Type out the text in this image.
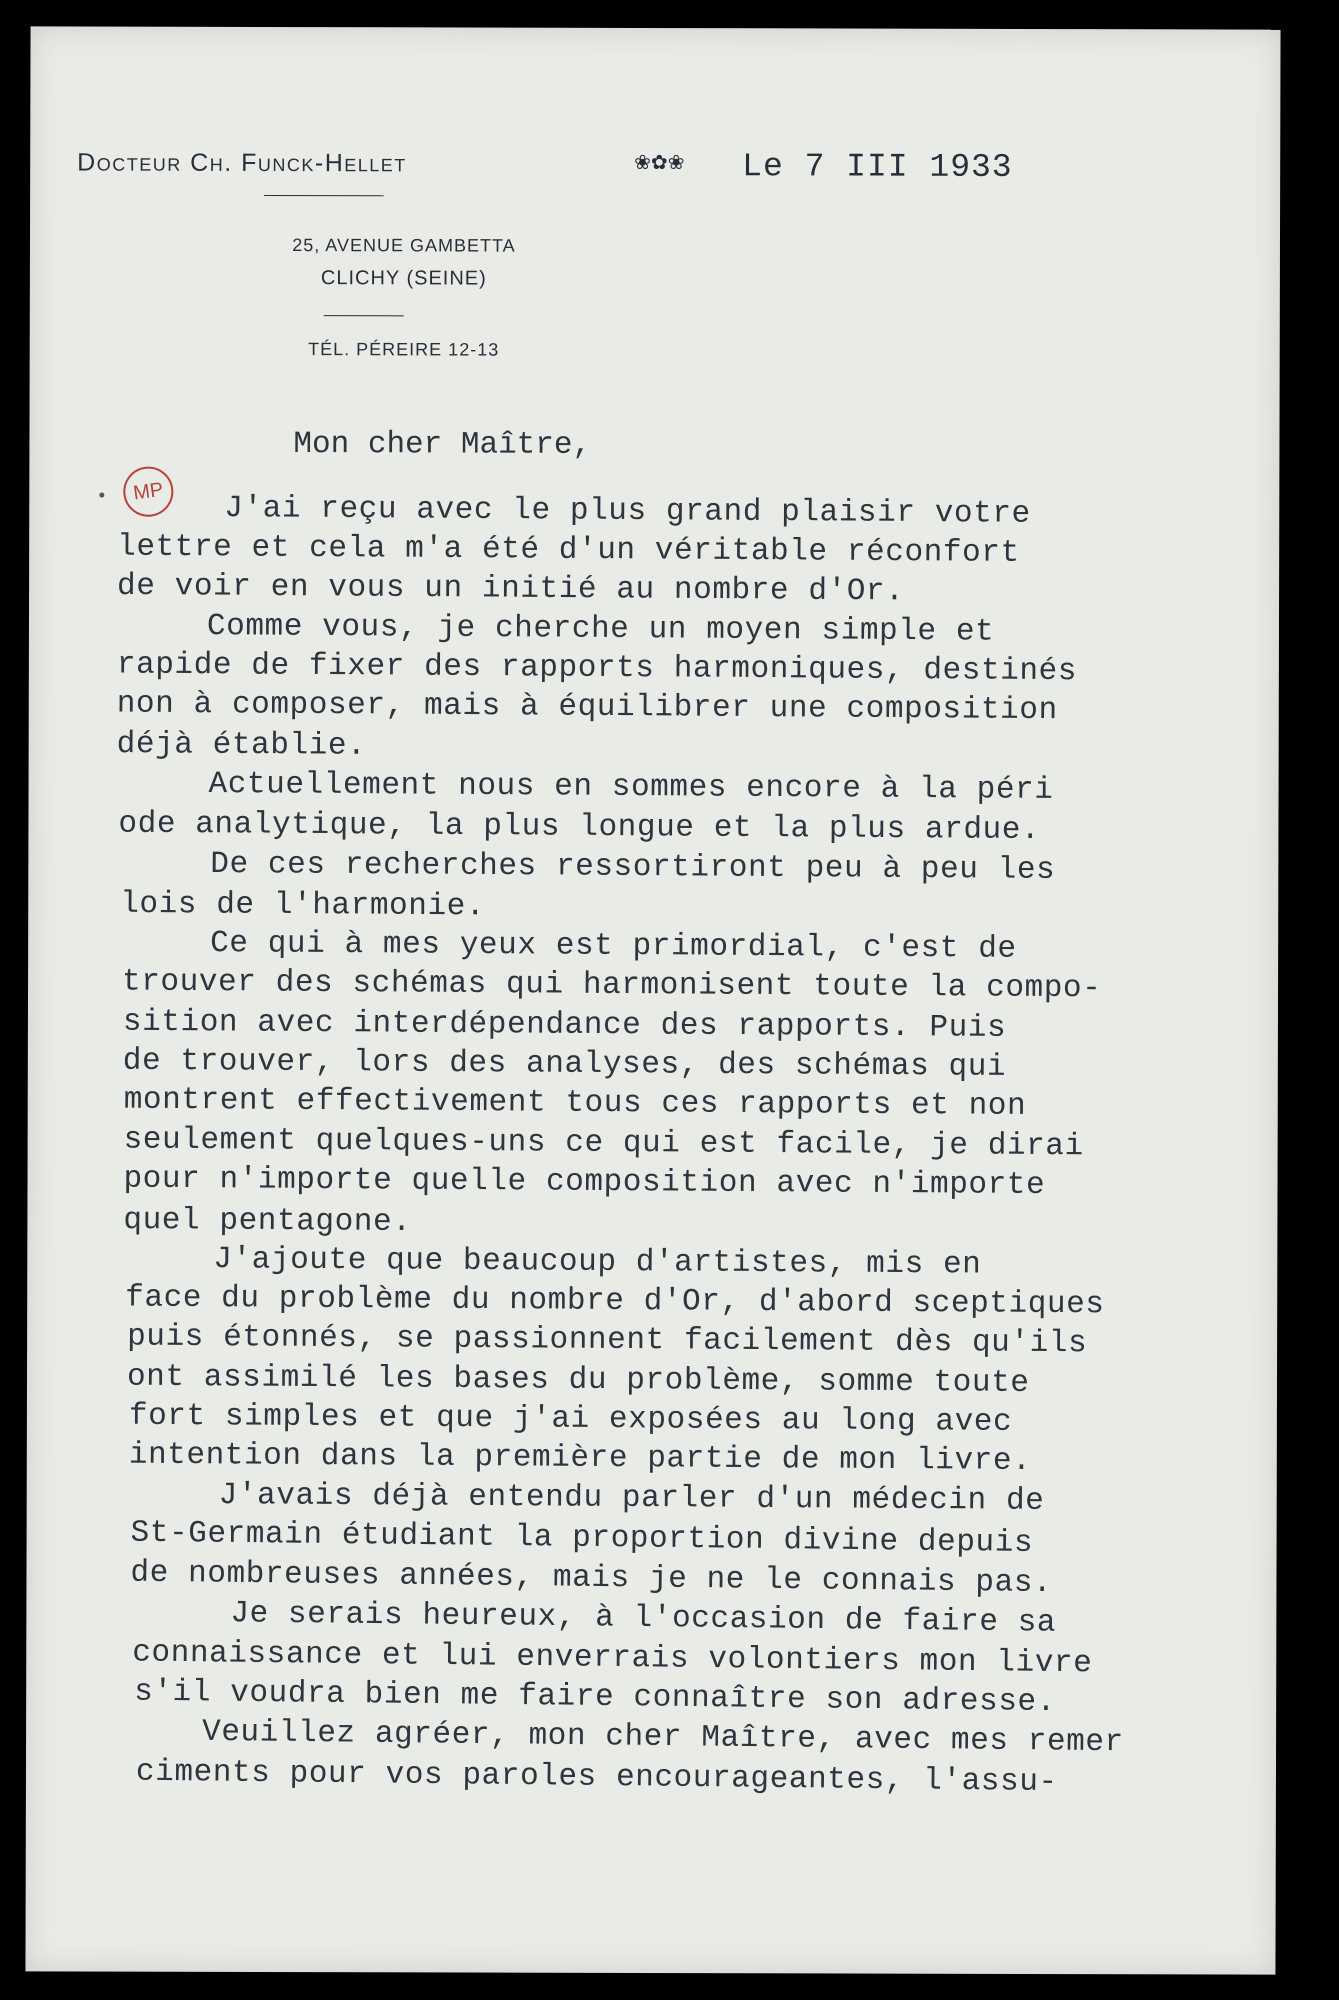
Docteur Ch. Funck-Hellet	❀✿❀
25, AVENUE GAMBETTA
CLICHY (SEINE)
TÉL. PÉREIRE 12-13
Le 7 III 1933
MP
Mon cher Maître,
J'ai reçu avec le plus grand plaisir votre
lettre et cela m'a été d'un véritable réconfort
de voir en vous un initié au nombre d'Or.
Comme vous, je cherche un moyen simple et
rapide de fixer des rapports harmoniques, destinés
non à composer, mais à équilibrer une composition
déjà établie.
Actuellement nous en sommes encore à la péri
ode analytique, la plus longue et la plus ardue.
De ces recherches ressortiront peu à peu les
lois de l'harmonie.
Ce qui à mes yeux est primordial, c'est de
trouver des schémas qui harmonisent toute la compo-
sition avec interdépendance des rapports. Puis
de trouver, lors des analyses, des schémas qui
montrent effectivement tous ces rapports et non
seulement quelques-uns ce qui est facile, je dirai
pour n'importe quelle composition avec n'importe
quel pentagone.
J'ajoute que beaucoup d'artistes, mis en
face du problème du nombre d'Or, d'abord sceptiques
puis étonnés, se passionnent facilement dès qu'ils
ont assimilé les bases du problème, somme toute
fort simples et que j'ai exposées au long avec
intention dans la première partie de mon livre.
J'avais déjà entendu parler d'un médecin de
St-Germain étudiant la proportion divine depuis
de nombreuses années, mais je ne le connais pas.
Je serais heureux, à l'occasion de faire sa
connaissance et lui enverrais volontiers mon livre
s'il voudra bien me faire connaître son adresse.
Veuillez agréer, mon cher Maître, avec mes remer
ciments pour vos paroles encourageantes, l'assu-
